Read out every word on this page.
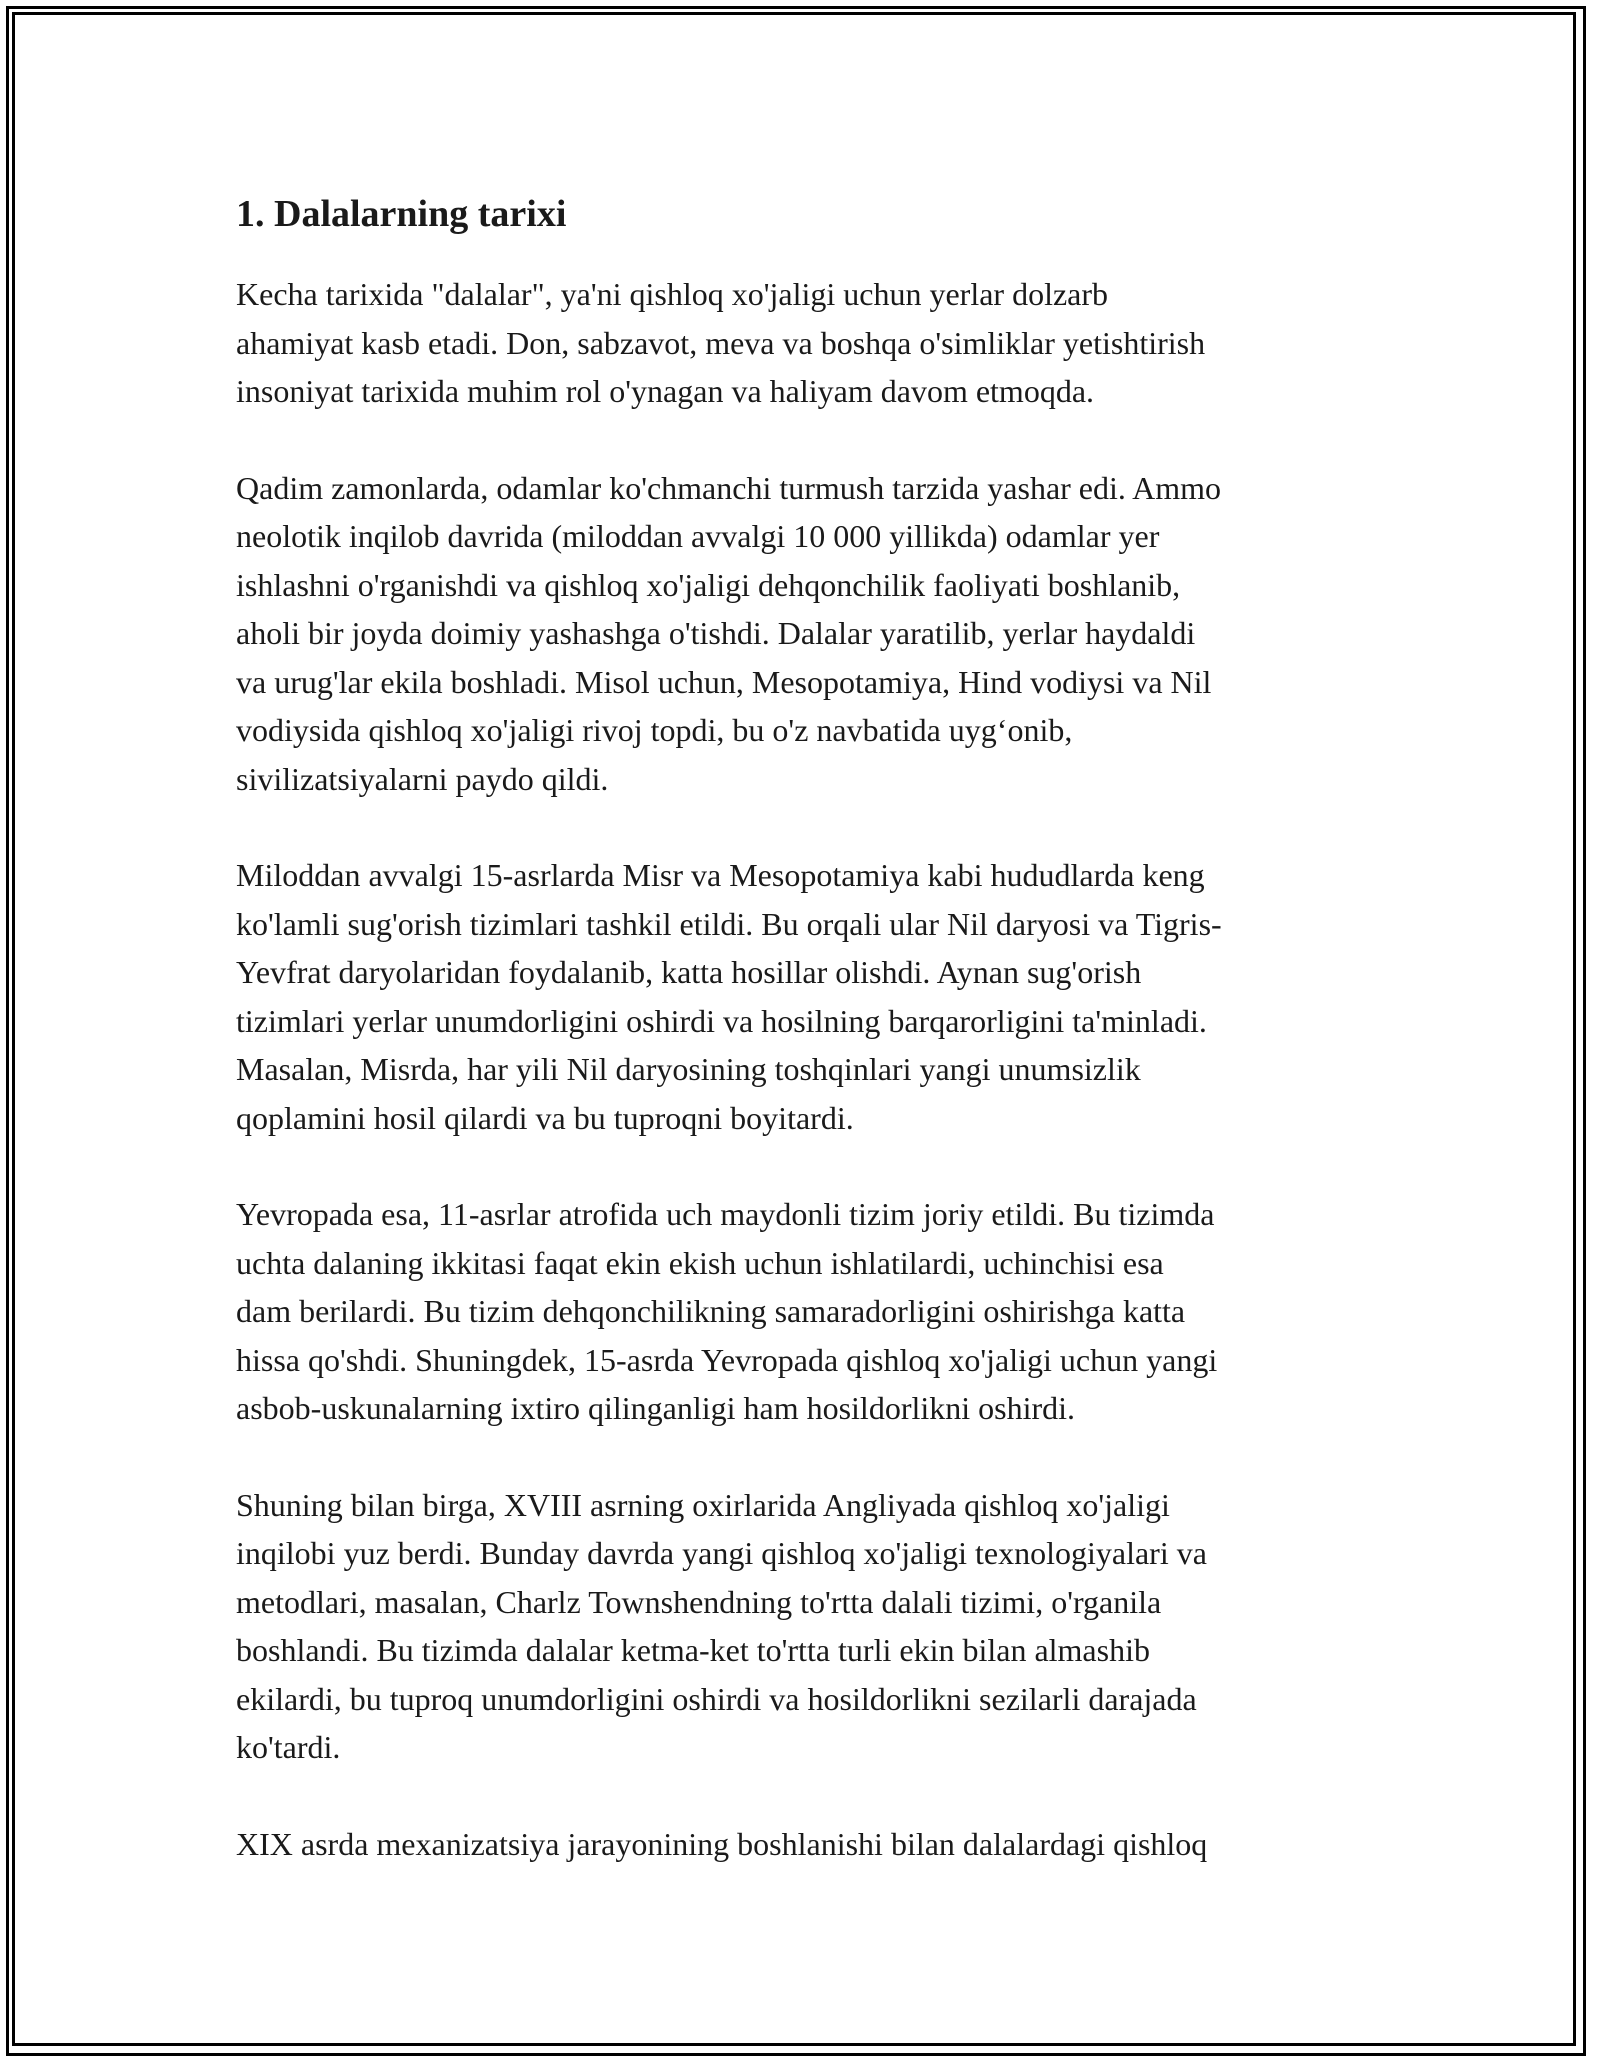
1. Dalalarning tarixi

Kecha tarixida "dalalar", ya'ni qishloq xo'jaligi uchun yerlar dolzarb
ahamiyat kasb etadi. Don, sabzavot, meva va boshqa o'simliklar yetishtirish
insoniyat tarixida muhim rol o'ynagan va haliyam davom etmoqda.

Qadim zamonlarda, odamlar ko'chmanchi turmush tarzida yashar edi. Ammo
neolotik inqilob davrida (miloddan avvalgi 10 000 yillikda) odamlar yer
ishlashni o'rganishdi va qishloq xo'jaligi dehqonchilik faoliyati boshlanib,
aholi bir joyda doimiy yashashga o'tishdi. Dalalar yaratilib, yerlar haydaldi
va urug'lar ekila boshladi. Misol uchun, Mesopotamiya, Hind vodiysi va Nil
vodiysida qishloq xo'jaligi rivoj topdi, bu o'z navbatida uyg‘onib,
sivilizatsiyalarni paydo qildi.

Miloddan avvalgi 15-asrlarda Misr va Mesopotamiya kabi hududlarda keng
ko'lamli sug'orish tizimlari tashkil etildi. Bu orqali ular Nil daryosi va Tigris-
Yevfrat daryolaridan foydalanib, katta hosillar olishdi. Aynan sug'orish
tizimlari yerlar unumdorligini oshirdi va hosilning barqarorligini ta'minladi.
Masalan, Misrda, har yili Nil daryosining toshqinlari yangi unumsizlik
qoplamini hosil qilardi va bu tuproqni boyitardi.

Yevropada esa, 11-asrlar atrofida uch maydonli tizim joriy etildi. Bu tizimda
uchta dalaning ikkitasi faqat ekin ekish uchun ishlatilardi, uchinchisi esa
dam berilardi. Bu tizim dehqonchilikning samaradorligini oshirishga katta
hissa qo'shdi. Shuningdek, 15-asrda Yevropada qishloq xo'jaligi uchun yangi
asbob-uskunalarning ixtiro qilinganligi ham hosildorlikni oshirdi.

Shuning bilan birga, XVIII asrning oxirlarida Angliyada qishloq xo'jaligi
inqilobi yuz berdi. Bunday davrda yangi qishloq xo'jaligi texnologiyalari va
metodlari, masalan, Charlz Townshendning to'rtta dalali tizimi, o'rganila
boshlandi. Bu tizimda dalalar ketma-ket to'rtta turli ekin bilan almashib
ekilardi, bu tuproq unumdorligini oshirdi va hosildorlikni sezilarli darajada
ko'tardi.

XIX asrda mexanizatsiya jarayonining boshlanishi bilan dalalardagi qishloq
